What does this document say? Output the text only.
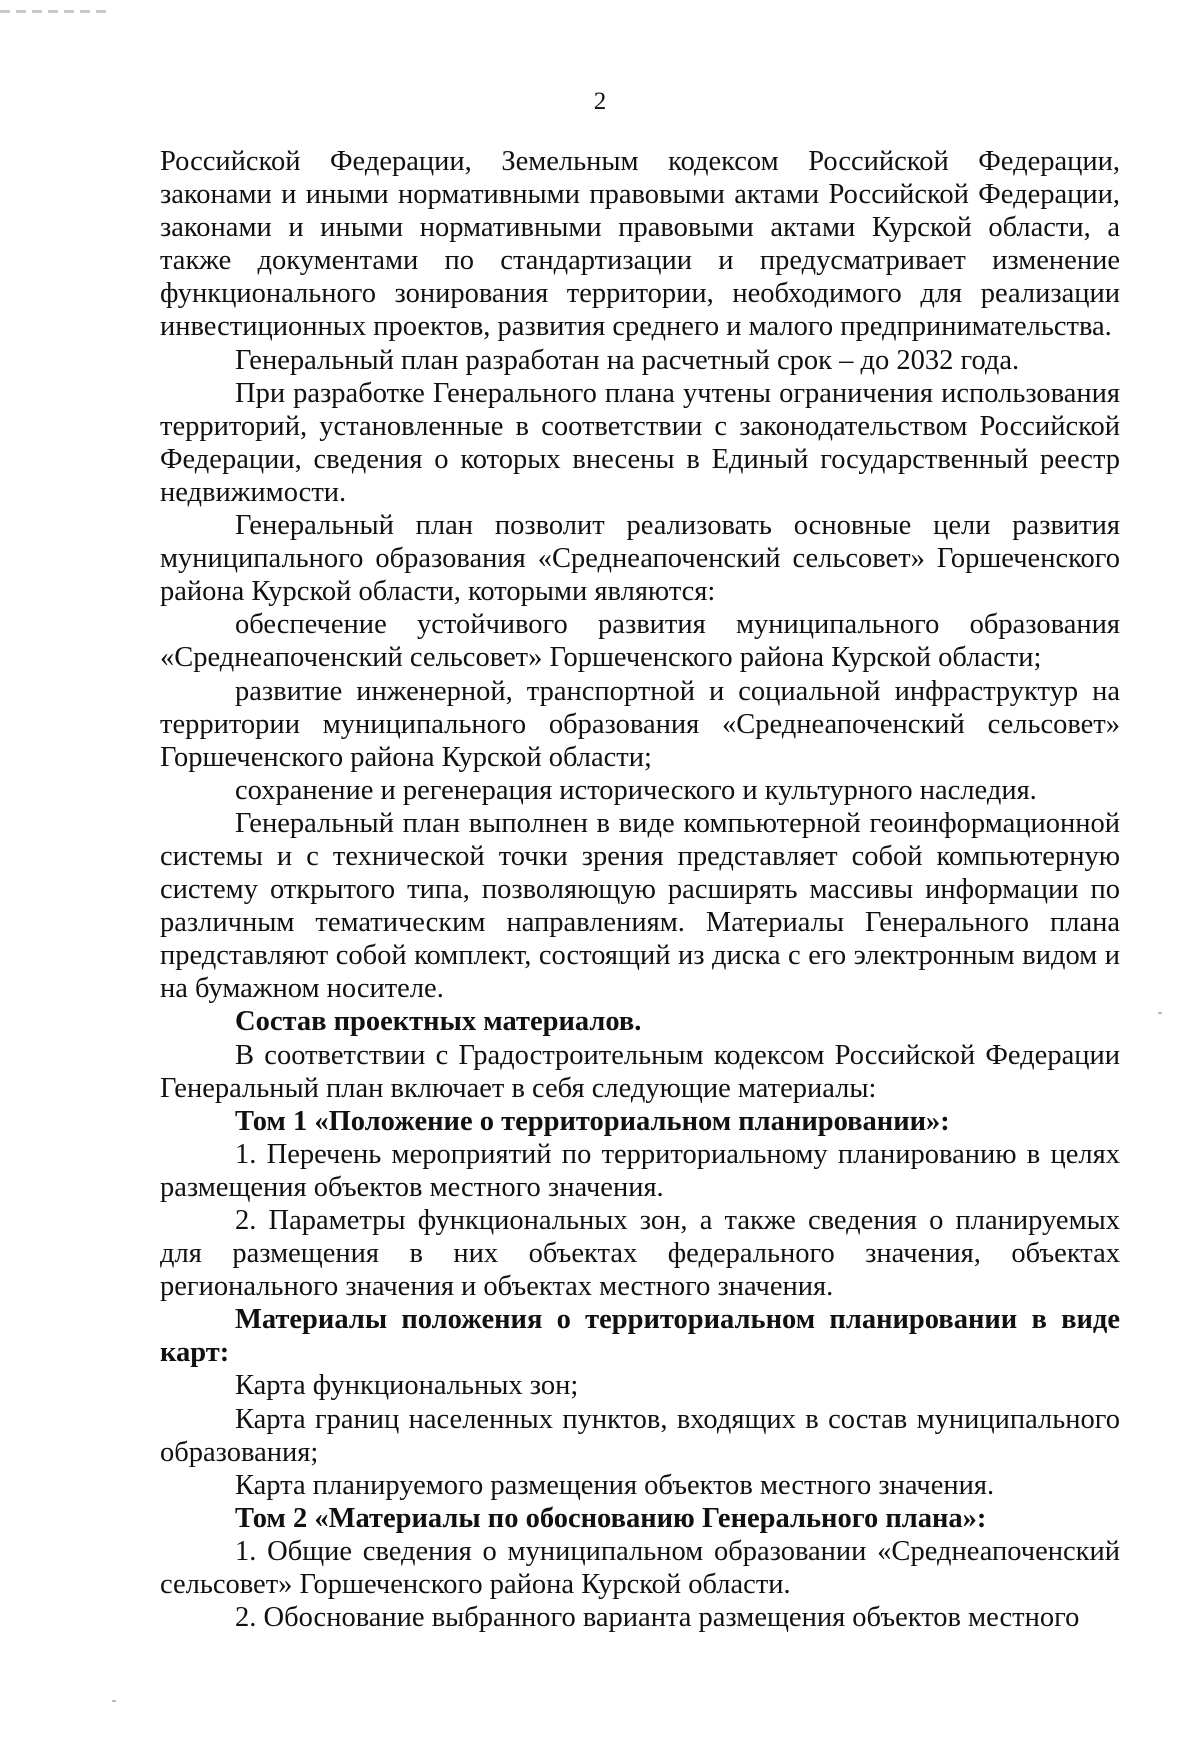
2

Российской Федерации, Земельным кодексом Российской Федерации, законами и иными нормативными правовыми актами Российской Федерации, законами и иными нормативными правовыми актами Курской области, а также документами по стандартизации и предусматривает изменение функционального зонирования территории, необходимого для реализации инвестиционных проектов, развития среднего и малого предпринимательства.

Генеральный план разработан на расчетный срок – до 2032 года.

При разработке Генерального плана учтены ограничения использования территорий, установленные в соответствии с законодательством Российской Федерации, сведения о которых внесены в Единый государственный реестр недвижимости.

Генеральный план позволит реализовать основные цели развития муниципального образования «Среднеапоченский сельсовет» Горшеченского района Курской области, которыми являются:

обеспечение устойчивого развития муниципального образования «Среднеапоченский сельсовет» Горшеченского района Курской области;

развитие инженерной, транспортной и социальной инфраструктур на территории муниципального образования «Среднеапоченский сельсовет» Горшеченского района Курской области;

сохранение и регенерация исторического и культурного наследия.

Генеральный план выполнен в виде компьютерной геоинформационной системы и с технической точки зрения представляет собой компьютерную систему открытого типа, позволяющую расширять массивы информации по различным тематическим направлениям. Материалы Генерального плана представляют собой комплект, состоящий из диска с его электронным видом и на бумажном носителе.

Состав проектных материалов.

В соответствии с Градостроительным кодексом Российской Федерации Генеральный план включает в себя следующие материалы:

Том 1 «Положение о территориальном планировании»:

1. Перечень мероприятий по территориальному планированию в целях размещения объектов местного значения.

2. Параметры функциональных зон, а также сведения о планируемых для размещения в них объектах федерального значения, объектах регионального значения и объектах местного значения.

Материалы положения о территориальном планировании в виде карт:

Карта функциональных зон;

Карта границ населенных пунктов, входящих в состав муниципального образования;

Карта планируемого размещения объектов местного значения.

Том 2 «Материалы по обоснованию Генерального плана»:

1. Общие сведения о муниципальном образовании «Среднеапоченский сельсовет» Горшеченского района Курской области.

2. Обоснование выбранного варианта размещения объектов местного
